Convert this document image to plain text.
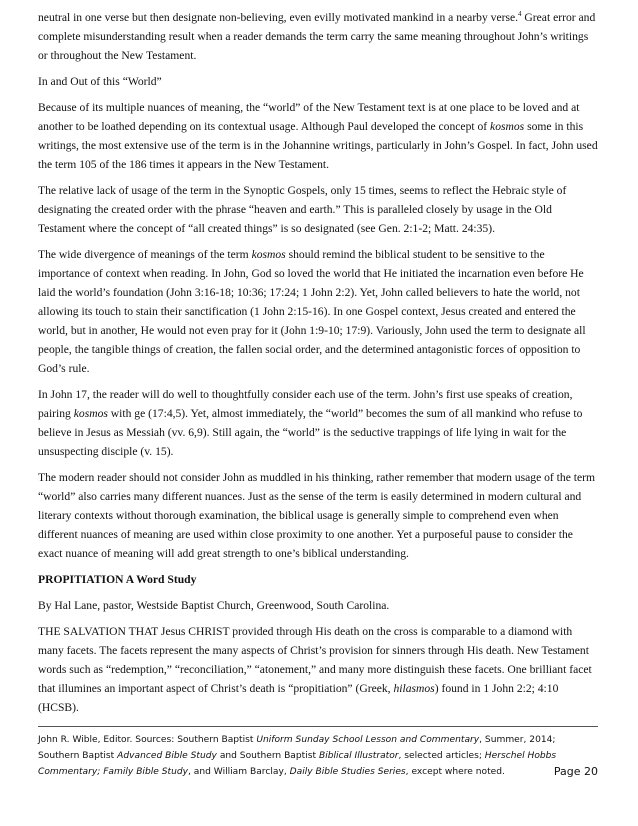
neutral in one verse but then designate non-believing, even evilly motivated mankind in a nearby verse.$^4$ Great error and complete misunderstanding result when a reader demands the term carry the same meaning throughout John’s writings or throughout the New Testament.

In and Out of this “World”

Because of its multiple nuances of meaning, the “world” of the New Testament text is at one place to be loved and at another to be loathed depending on its contextual usage. Although Paul developed the concept of kosmos some in this writings, the most extensive use of the term is in the Johannine writings, particularly in John’s Gospel. In fact, John used the term 105 of the 186 times it appears in the New Testament.

The relative lack of usage of the term in the Synoptic Gospels, only 15 times, seems to reflect the Hebraic style of designating the created order with the phrase “heaven and earth.” This is paralleled closely by usage in the Old Testament where the concept of “all created things” is so designated (see Gen. 2:1-2; Matt. 24:35).

The wide divergence of meanings of the term kosmos should remind the biblical student to be sensitive to the importance of context when reading. In John, God so loved the world that He initiated the incarnation even before He laid the world’s foundation (John 3:16-18; 10:36; 17:24; 1 John 2:2). Yet, John called believers to hate the world, not allowing its touch to stain their sanctification (1 John 2:15-16). In one Gospel context, Jesus created and entered the world, but in another, He would not even pray for it (John 1:9-10; 17:9). Variously, John used the term to designate all people, the tangible things of creation, the fallen social order, and the determined antagonistic forces of opposition to God’s rule.

In John 17, the reader will do well to thoughtfully consider each use of the term. John’s first use speaks of creation, pairing kosmos with ge (17:4,5). Yet, almost immediately, the “world” becomes the sum of all mankind who refuse to believe in Jesus as Messiah (vv. 6,9). Still again, the “world” is the seductive trappings of life lying in wait for the unsuspecting disciple (v. 15).

The modern reader should not consider John as muddled in his thinking, rather remember that modern usage of the term “world” also carries many different nuances. Just as the sense of the term is easily determined in modern cultural and literary contexts without thorough examination, the biblical usage is generally simple to comprehend even when different nuances of meaning are used within close proximity to one another. Yet a purposeful pause to consider the exact nuance of meaning will add great strength to one’s biblical understanding.

PROPITIATION A Word Study

By Hal Lane, pastor, Westside Baptist Church, Greenwood, South Carolina.

THE SALVATION THAT Jesus CHRIST provided through His death on the cross is comparable to a diamond with many facets. The facets represent the many aspects of Christ’s provision for sinners through His death. New Testament words such as “redemption,” “reconciliation,” “atonement,” and many more distinguish these facets. One brilliant facet that illumines an important aspect of Christ’s death is “propitiation” (Greek, hilasmos) found in 1 John 2:2; 4:10 (HCSB).

John R. Wible, Editor. Sources: Southern Baptist Uniform Sunday School Lesson and Commentary, Summer, 2014; Southern Baptist Advanced Bible Study and Southern Baptist Biblical Illustrator, selected articles; Herschel Hobbs Commentary; Family Bible Study, and William Barclay, Daily Bible Studies Series, except where noted.	Page 20
